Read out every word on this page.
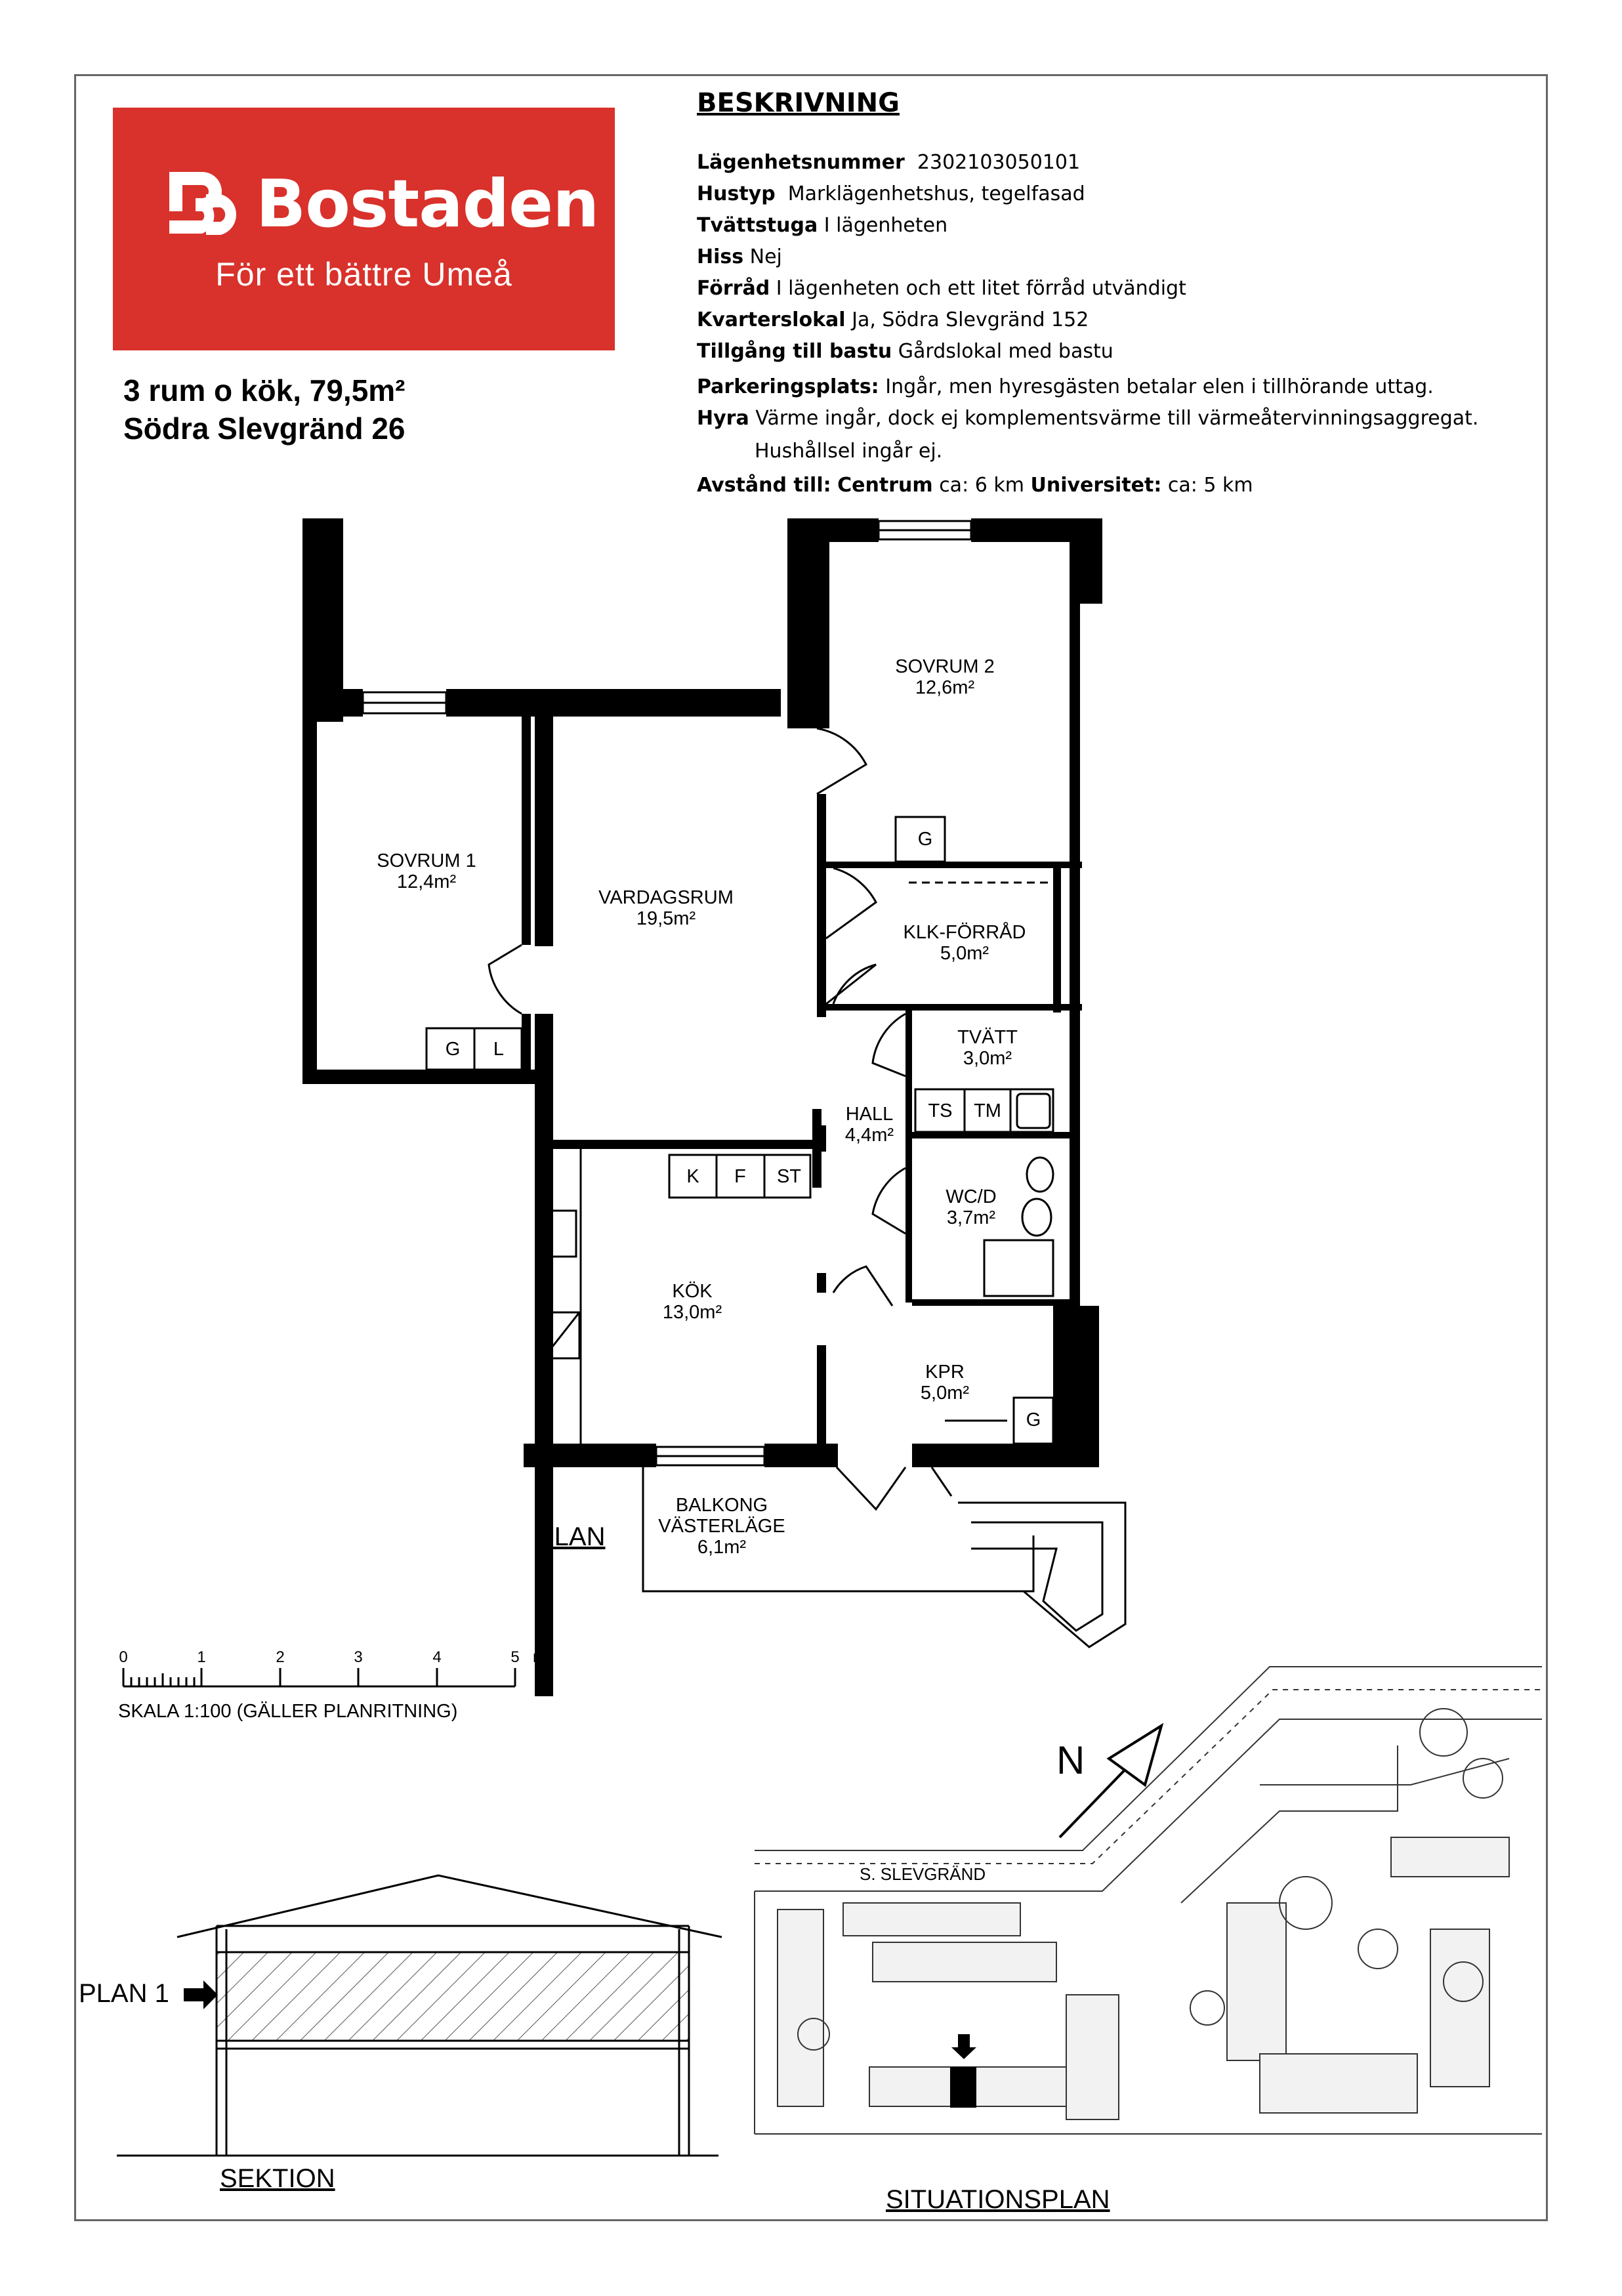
Bostaden
För ett bättre Umeå
3 rum o kök, 79,5m²
Södra Slevgränd 26
BESKRIVNING
Lägenhetsnummer 2302103050101
Hustyp Marklägenhetshus, tegelfasad
Tvättstuga I lägenheten
Hiss Nej
Förråd I lägenheten och ett litet förråd utvändigt
Kvarterslokal Ja, Södra Slevgränd 152
Tillgång till bastu Gårdslokal med bastu
Parkeringsplats: Ingår, men hyresgästen betalar elen i tillhörande uttag.
Hyra Värme ingår, dock ej komplementsvärme till värmeåtervinningsaggregat.
Hushållsel ingår ej.
Avstånd till: Centrum ca: 6 km Universitet: ca: 5 km
SOVRUM 1
12,4m²
VARDAGSRUM
19,5m²
SOVRUM 2
12,6m²
KLK-FÖRRÅD
5,0m²
TVÄTT
3,0m²
HALL
4,4m²
WC/D
3,7m²
KÖK
13,0m²
KPR
5,0m²
BALKONG
VÄSTERLÄGE
6,1m²
G
G	L
K	F	ST
TS TM
G
0	1	2	3	4	5 m
SKALA 1:100 (GÄLLER PLANRITNING)
PLAN
PLAN 1
SEKTION
SITUATIONSPLAN
S. SLEVGRÄND
N
